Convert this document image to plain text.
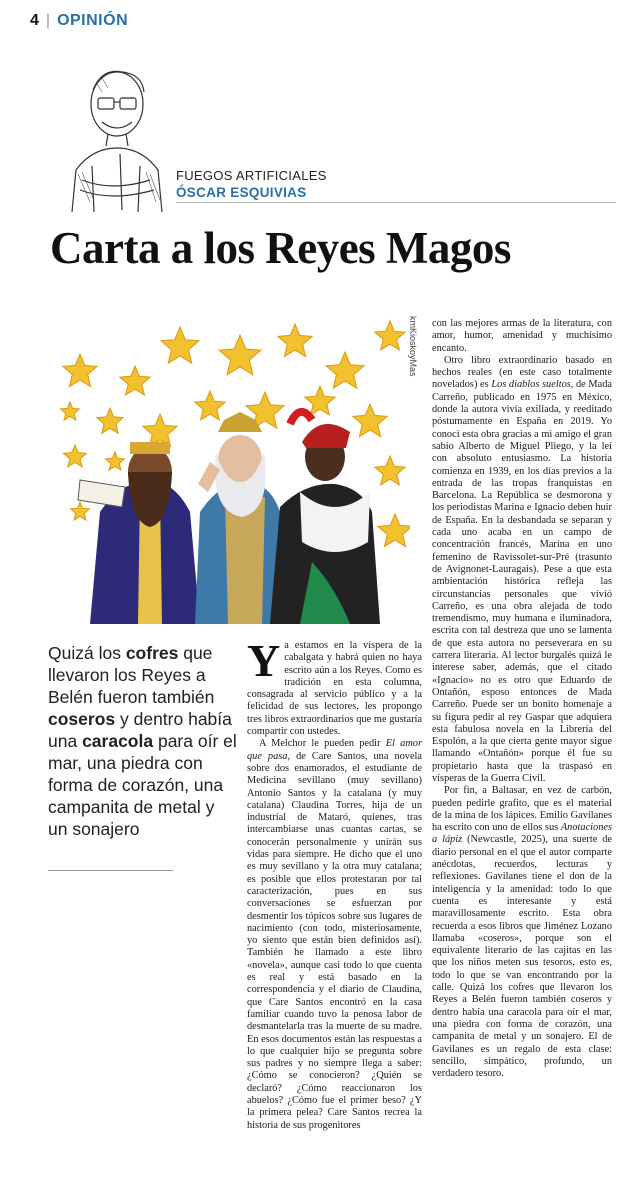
4 | OPINIÓN
FUEGOS ARTIFICIALES
ÓSCAR ESQUIVIAS
Carta a los Reyes Magos
kmKioskoyMas
Quizá los cofres que llevaron los Reyes a Belén fueron también coseros y dentro había una caracola para oír el mar, una piedra con forma de corazón, una campanita de metal y un sonajero

Ya estamos en la víspera de la cabalgata y habrá quien no haya escrito aún a los Reyes. Como es tradición en esta columna, consagrada al servicio público y a la felicidad de sus lectores, les propongo tres libros extraordinarios que me gustaría compartir con ustedes.

A Melchor le pueden pedir El amor que pasa, de Care Santos, una novela sobre dos enamorados, el estudiante de Medicina sevillano (muy sevillano) Antonio Santos y la catalana (y muy catalana) Claudina Torres, hija de un industrial de Mataró, quienes, tras intercambiarse unas cuantas cartas, se conocerán personalmente y unirán sus vidas para siempre. He dicho que el uno es muy sevillano y la otra muy catalana; es posible que ellos protestaran por tal caracterización, pues en sus conversaciones se esfuerzan por desmentir los tópicos sobre sus lugares de nacimiento (con todo, misteriosamente, yo siento que están bien definidos así). También he llamado a este libro «novela», aunque casi todo lo que cuenta es real y está basado en la correspondencia y el diario de Claudina, que Care Santos encontró en la casa familiar cuando tuvo la penosa labor de desmantelarla tras la muerte de su madre. En esos documentos están las respuestas a lo que cualquier hijo se pregunta sobre sus padres y no siempre llega a saber: ¿Cómo se conocieron? ¿Quién se declaró? ¿Cómo reaccionaron los abuelos? ¿Cómo fue el primer beso? ¿Y la primera pelea? Care Santos recrea la historia de sus progenitores

con las mejores armas de la literatura, con amor, humor, amenidad y muchísimo encanto.

Otro libro extraordinario basado en hechos reales (en este caso totalmente novelados) es Los diablos sueltos, de Mada Carreño, publicado en 1975 en México, donde la autora vivía exiliada, y reeditado póstumamente en España en 2019. Yo conocí esta obra gracias a mi amigo el gran sabio Alberto de Miguel Pliego, y la leí con absoluto entusiasmo. La historia comienza en 1939, en los días previos a la entrada de las tropas franquistas en Barcelona. La República se desmorona y los periodistas Marina e Ignacio deben huir de España. En la desbandada se separan y cada uno acaba en un campo de concentración francés, Marina en uno femenino de Ravissolet-sur-Pré (trasunto de Avignonet-Lauragais). Pese a que esta ambientación histórica refleja las circunstancias personales que vivió Carreño, es una obra alejada de todo tremendismo, muy humana e iluminadora, escrita con tal destreza que uno se lamenta de que esta autora no perseverara en su carrera literaria. Al lector burgalés quizá le interese saber, además, que el citado «Ignacio» no es otro que Eduardo de Ontañón, esposo entonces de Mada Carreño. Puede ser un bonito homenaje a su figura pedir al rey Gaspar que adquiera esta fabulosa novela en la Librería del Espolón, a la que cierta gente mayor sigue llamando «Ontañón» porque él fue su propietario hasta que la traspasó en vísperas de la Guerra Civil.

Por fin, a Baltasar, en vez de carbón, pueden pedirle grafito, que es el material de la mina de los lápices. Emilio Gavilanes ha escrito con uno de ellos sus Anotaciones a lápiz (Newcastle, 2025), una suerte de diario personal en el que el autor comparte anécdotas, recuerdos, lecturas y reflexiones. Gavilanes tiene el don de la inteligencia y la amenidad: todo lo que cuenta es interesante y está maravillosamente escrito. Esta obra recuerda a esos libros que Jiménez Lozano llamaba «coseros», porque son el equivalente literario de las cajitas en las que los niños meten sus tesoros, esto es, todo lo que se van encontrando por la calle. Quizá los cofres que llevaron los Reyes a Belén fueron también coseros y dentro había una caracola para oír el mar, una piedra con forma de corazón, una campanita de metal y un sonajero. El de Gavilanes es un regalo de esta clase: sencillo, simpático, profundo, un verdadero tesoro.
